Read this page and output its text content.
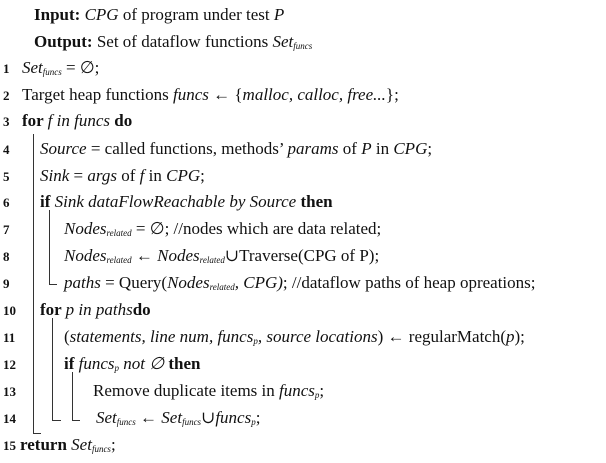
Input: CPG of program under test P
Output: Set of dataflow functions Set$_{funcs}$
1
2
3
4
5
6
7
8
9
10
11
12
13
14
15
Set$_{funcs}$ = ∅;
Target heap functions funcs ← {malloc, calloc, free...};
for f in funcs do
Source = called functions, methods’ params of P in CPG;
Sink = args of f in CPG;
if Sink dataFlowReachable by Source then
Nodes$_{related}$ = ∅; //nodes which are data related;
Nodes$_{related}$ ← Nodes$_{related}$∪Traverse(CPG of P);
paths = Query(Nodes$_{related}$, CPG); //dataflow paths of heap opreations;
for p in pathsdo
(statements, line num, funcs$_p$, source locations) ← regularMatch(p);
if funcs$_p$ not ∅ then
Remove duplicate items in funcs$_p$;
Set$_{funcs}$ ← Set$_{funcs}$∪funcs$_p$;
return Set$_{funcs}$;
